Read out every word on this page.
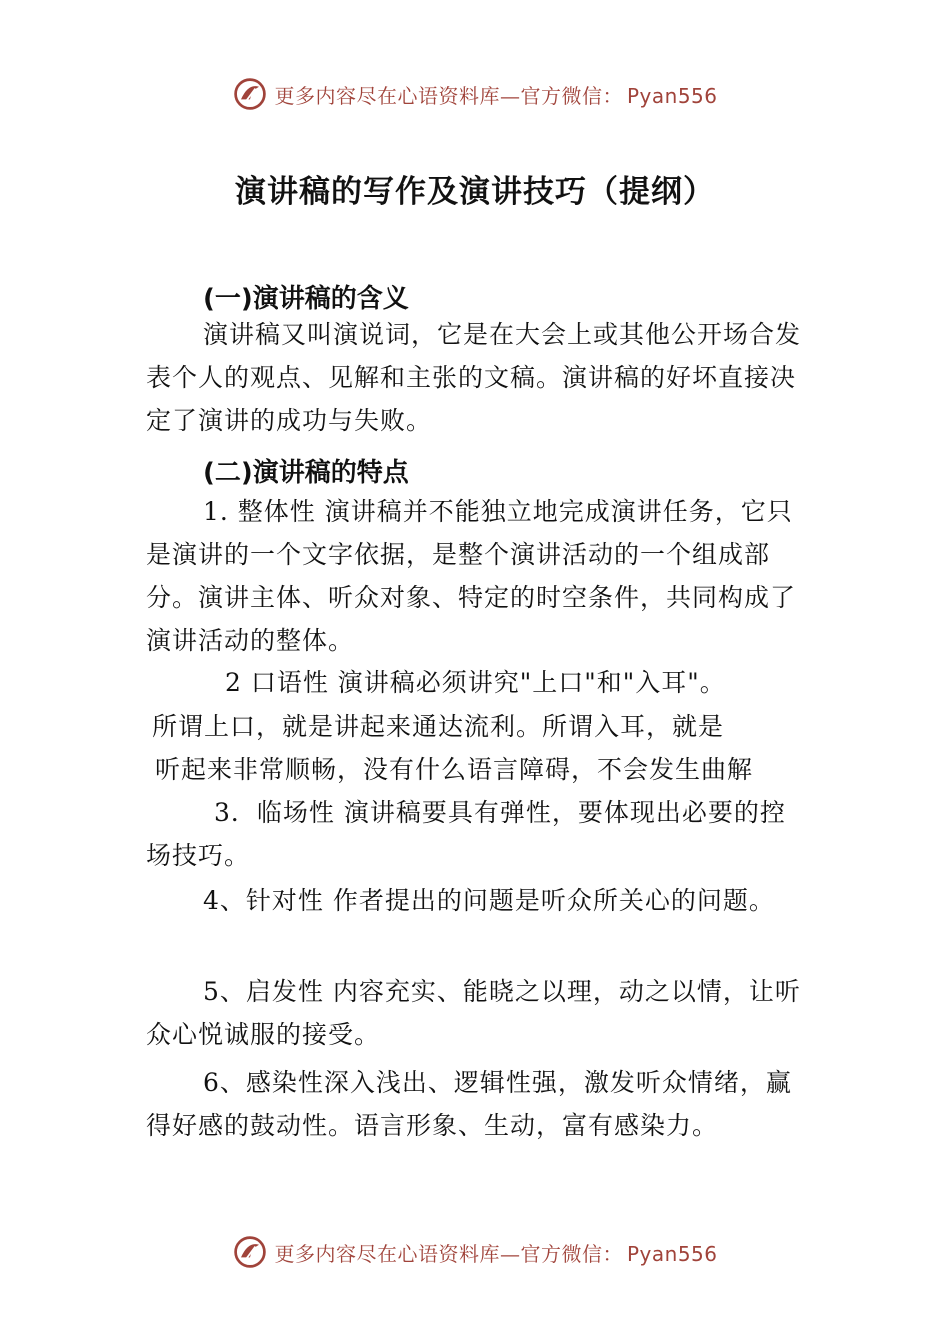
更多内容尽在心语资料库—官方微信： Pyan556
演讲稿的写作及演讲技巧（提纲）
(一)演讲稿的含义

演讲稿又叫演说词，它是在大会上或其他公开场合发表个人的观点、见解和主张的文稿。演讲稿的好坏直接决定了演讲的成功与失败。

(二)演讲稿的特点

1. 整体性 演讲稿并不能独立地完成演讲任务，它只是演讲的一个文字依据，是整个演讲活动的一个组成部分。演讲主体、听众对象、特定的时空条件，共同构成了演讲活动的整体。

2 口语性 演讲稿必须讲究"上口"和"入耳"。

所谓上口，就是讲起来通达流利。所谓入耳，就是

听起来非常顺畅，没有什么语言障碍，不会发生曲解

3．临场性 演讲稿要具有弹性，要体现出必要的控场技巧。

4、针对性 作者提出的问题是听众所关心的问题。

5、启发性 内容充实、能晓之以理，动之以情，让听众心悦诚服的接受。

6、感染性深入浅出、逻辑性强，激发听众情绪，赢得好感的鼓动性。语言形象、生动，富有感染力。

更多内容尽在心语资料库—官方微信： Pyan556
